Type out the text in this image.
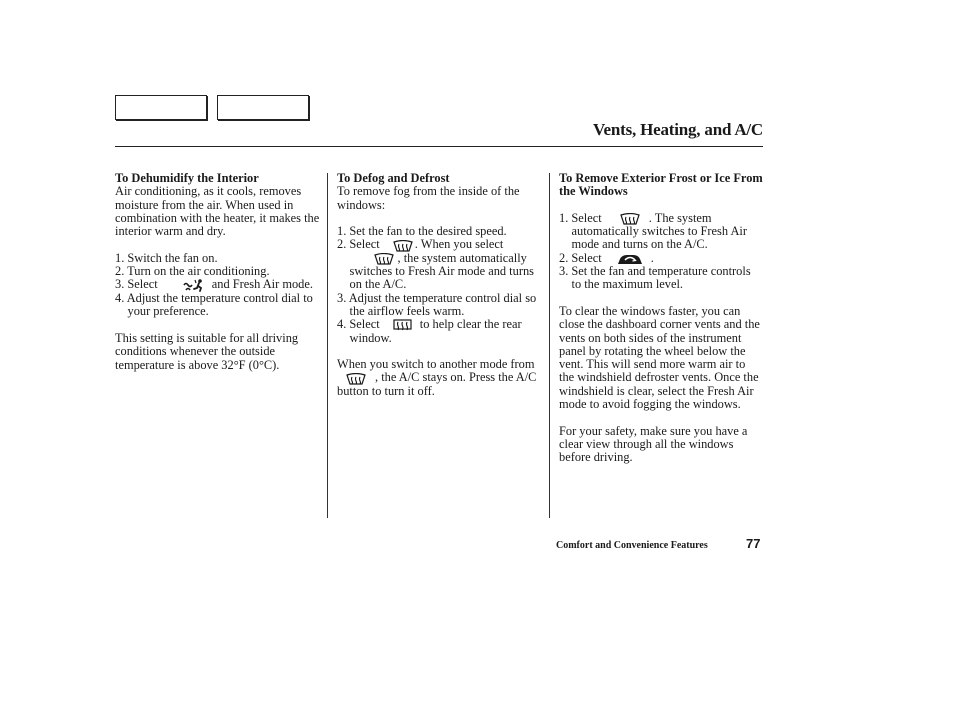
Vents, Heating, and A/C
To Dehumidify the Interior

Air conditioning, as it cools, removes moisture from the air. When used in combination with the heater, it makes the interior warm and dry.

1. Switch the fan on.
2. Turn on the air conditioning.
3. Select	and Fresh Air mode.
4. Adjust the temperature control dial to your preference.

This setting is suitable for all driving conditions whenever the outside temperature is above 32°F (0°C).

To Defog and Defrost

To remove fog from the inside of the windows:

1. Set the fan to the desired speed.
2. Select	. When you select

, the system automatically switches to Fresh Air mode and turns on the A/C.
3. Adjust the temperature control dial so the airflow feels warm.
4. Select	to help clear the rear window.

When you switch to another mode from
, the A/C stays on. Press the A/C button to turn it off.

To Remove Exterior Frost or Ice From the Windows
1. Select	. The system automatically switches to Fresh Air mode and turns on the A/C.
2. Select	.
3. Set the fan and temperature controls to the maximum level.

To clear the windows faster, you can close the dashboard corner vents and the vents on both sides of the instrument panel by rotating the wheel below the vent. This will send more warm air to the windshield defroster vents. Once the windshield is clear, select the Fresh Air mode to avoid fogging the windows.

For your safety, make sure you have a clear view through all the windows before driving.

Comfort and Convenience Features	77
